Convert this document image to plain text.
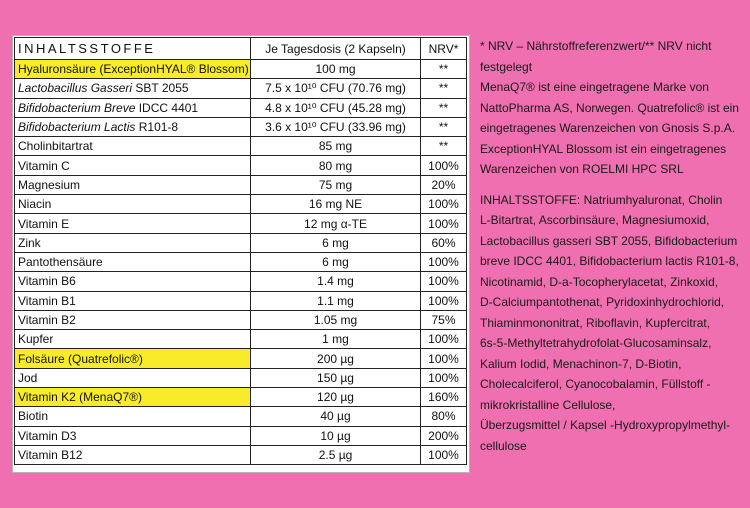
INHALTSSTOFFE	Je Tagesdosis (2 Kapseln)	NRV*
Hyaluronsäure (ExceptionHYAL® Blossom)	100 mg	**
Lactobacillus Gasseri SBT 2055	7.5 x 10¹⁰ CFU (70.76 mg)	**
Bifidobacterium Breve IDCC 4401	4.8 x 10¹⁰ CFU (45.28 mg)	**
Bifidobacterium Lactis R101-8	3.6 x 10¹⁰ CFU (33.96 mg)	**
Cholinbitartrat	85 mg	**
Vitamin C	80 mg	100%
Magnesium	75 mg	20%
Niacin	16 mg NE	100%
Vitamin E	12 mg α-TE	100%
Zink	6 mg	60%
Pantothensäure	6 mg	100%
Vitamin B6	1.4 mg	100%
Vitamin B1	1.1 mg	100%
Vitamin B2	1.05 mg	75%
Kupfer	1 mg	100%
Folsäure (Quatrefolic®)	200 µg	100%
Jod	150 µg	100%
Vitamin K2 (MenaQ7®)	120 µg	160%
Biotin	40 µg	80%
Vitamin D3	10 µg	200%
Vitamin B12	2.5 µg	100%

* NRV – Nährstoffreferenzwert/** NRV nicht
festgelegt
MenaQ7® ist eine eingetragene Marke von
NattoPharma AS, Norwegen. Quatrefolic® ist ein
eingetragenes Warenzeichen von Gnosis S.p.A.
ExceptionHYAL Blossom ist ein eingetragenes
Warenzeichen von ROELMI HPC SRL

INHALTSSTOFFE: Natriumhyaluronat, Cholin
L-Bitartrat, Ascorbinsäure, Magnesiumoxid,
Lactobacillus gasseri SBT 2055, Bifidobacterium
breve IDCC 4401, Bifidobacterium lactis R101-8,
Nicotinamid, D-a-Tocopherylacetat, Zinkoxid,
D-Calciumpantothenat, Pyridoxinhydrochlorid,
Thiaminmononitrat, Riboflavin, Kupfercitrat,
6s-5-Methyltetrahydrofolat-Glucosaminsalz,
Kalium Iodid, Menachinon-7, D-Biotin,
Cholecalciferol, Cyanocobalamin, Füllstoff -
mikrokristalline Cellulose,
Überzugsmittel / Kapsel -Hydroxypropylmethyl-
cellulose
